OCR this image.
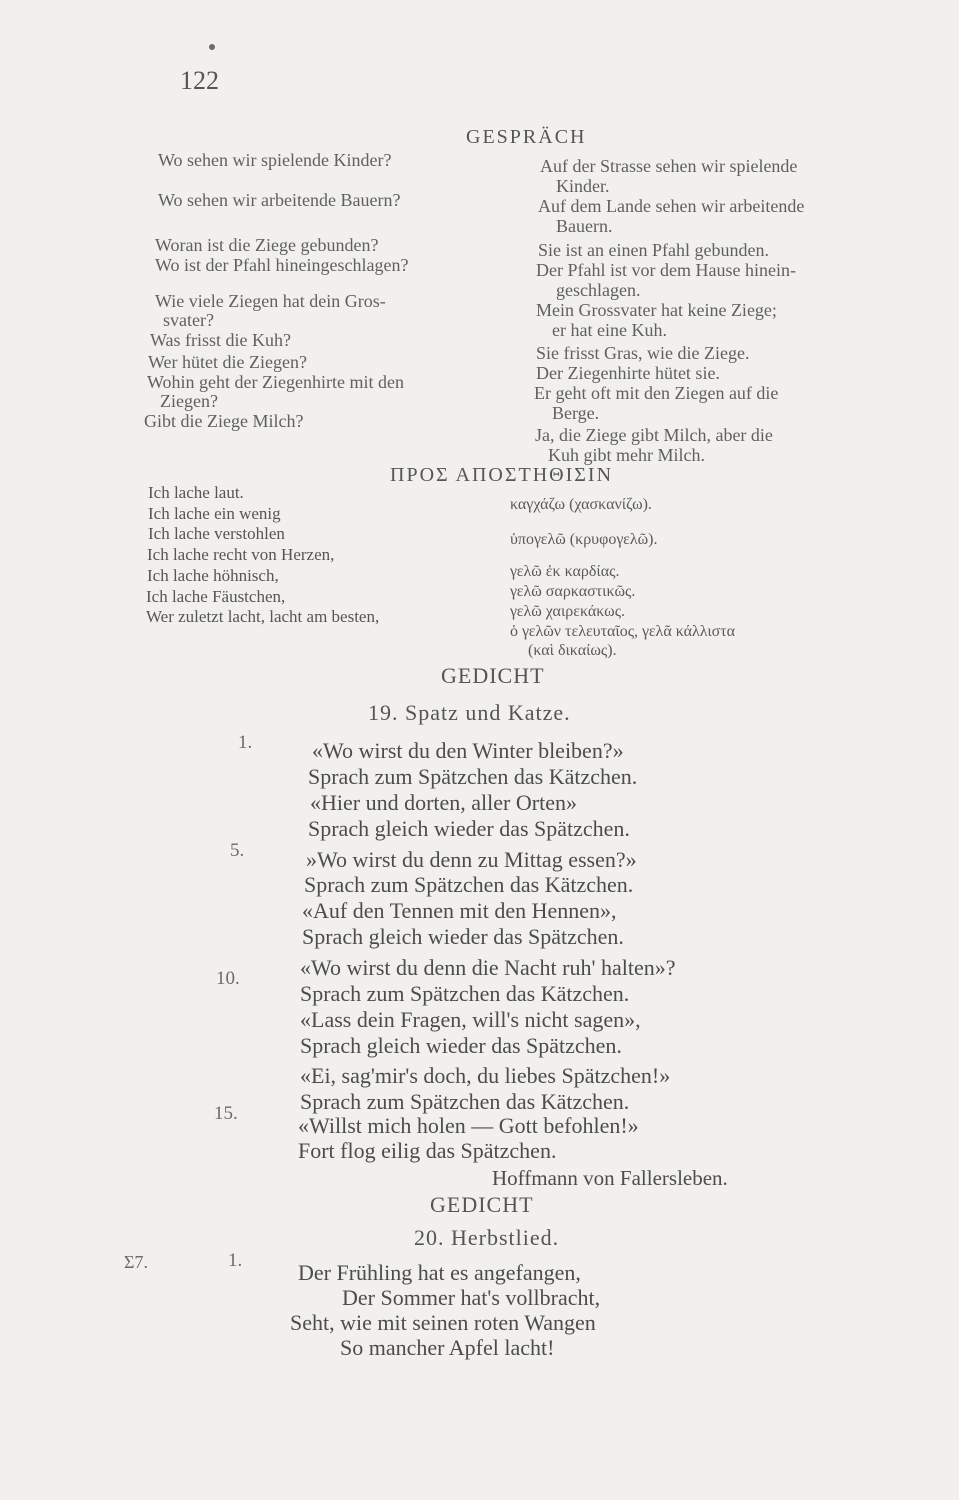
122
GESPRÄCH
Wo sehen wir spielende Kinder?
Wo sehen wir arbeitende Bauern?
Woran ist die Ziege gebunden?
Wo ist der Pfahl hineingeschlagen?
Wie viele Ziegen hat dein Gros-
svater?
Was frisst die Kuh?
Wer hütet die Ziegen?
Wohin geht der Ziegenhirte mit den
Ziegen?
Gibt die Ziege Milch?
Auf der Strasse sehen wir spielende
Kinder.
Auf dem Lande sehen wir arbeitende
Bauern.
Sie ist an einen Pfahl gebunden.
Der Pfahl ist vor dem Hause hinein-
geschlagen.
Mein Grossvater hat keine Ziege;
er hat eine Kuh.
Sie frisst Gras, wie die Ziege.
Der Ziegenhirte hütet sie.
Er geht oft mit den Ziegen auf die
Berge.
Ja, die Ziege gibt Milch, aber die
Kuh gibt mehr Milch.
ΠΡΟΣ ΑΠΟΣΤΗΘΙΣΙΝ
Ich lache laut.
Ich lache ein wenig
Ich lache verstohlen
Ich lache recht von Herzen,
Ich lache höhnisch,
Ich lache Fäustchen,
Wer zuletzt lacht, lacht am besten,
καγχάζω (χασκανίζω).
ὑπογελῶ (κρυφογελῶ).
γελῶ ἐκ καρδίας.
γελῶ σαρκαστικῶς.
γελῶ χαιρεκάκως.
ὁ γελῶν τελευταῖος, γελᾶ κάλλιστα
(καὶ δικαίως).
GEDICHT
19. Spatz und Katze.
1.
5.
10.
15.
«Wo wirst du den Winter bleiben?»
Sprach zum Spätzchen das Kätzchen.
«Hier und dorten, aller Orten»
Sprach gleich wieder das Spätzchen.
»Wo wirst du denn zu Mittag essen?»
Sprach zum Spätzchen das Kätzchen.
«Auf den Tennen mit den Hennen»,
Sprach gleich wieder das Spätzchen.
«Wo wirst du denn die Nacht ruh' halten»?
Sprach zum Spätzchen das Kätzchen.
«Lass dein Fragen, will's nicht sagen»,
Sprach gleich wieder das Spätzchen.
«Ei, sag'mir's doch, du liebes Spätzchen!»
Sprach zum Spätzchen das Kätzchen.
«Willst mich holen — Gott befohlen!»
Fort flog eilig das Spätzchen.
Hoffmann von Fallersleben.
GEDICHT
20. Herbstlied.
Σ7.	1.	Der Frühling hat es angefangen,
Der Sommer hat's vollbracht,
Seht, wie mit seinen roten Wangen
So mancher Apfel lacht!
